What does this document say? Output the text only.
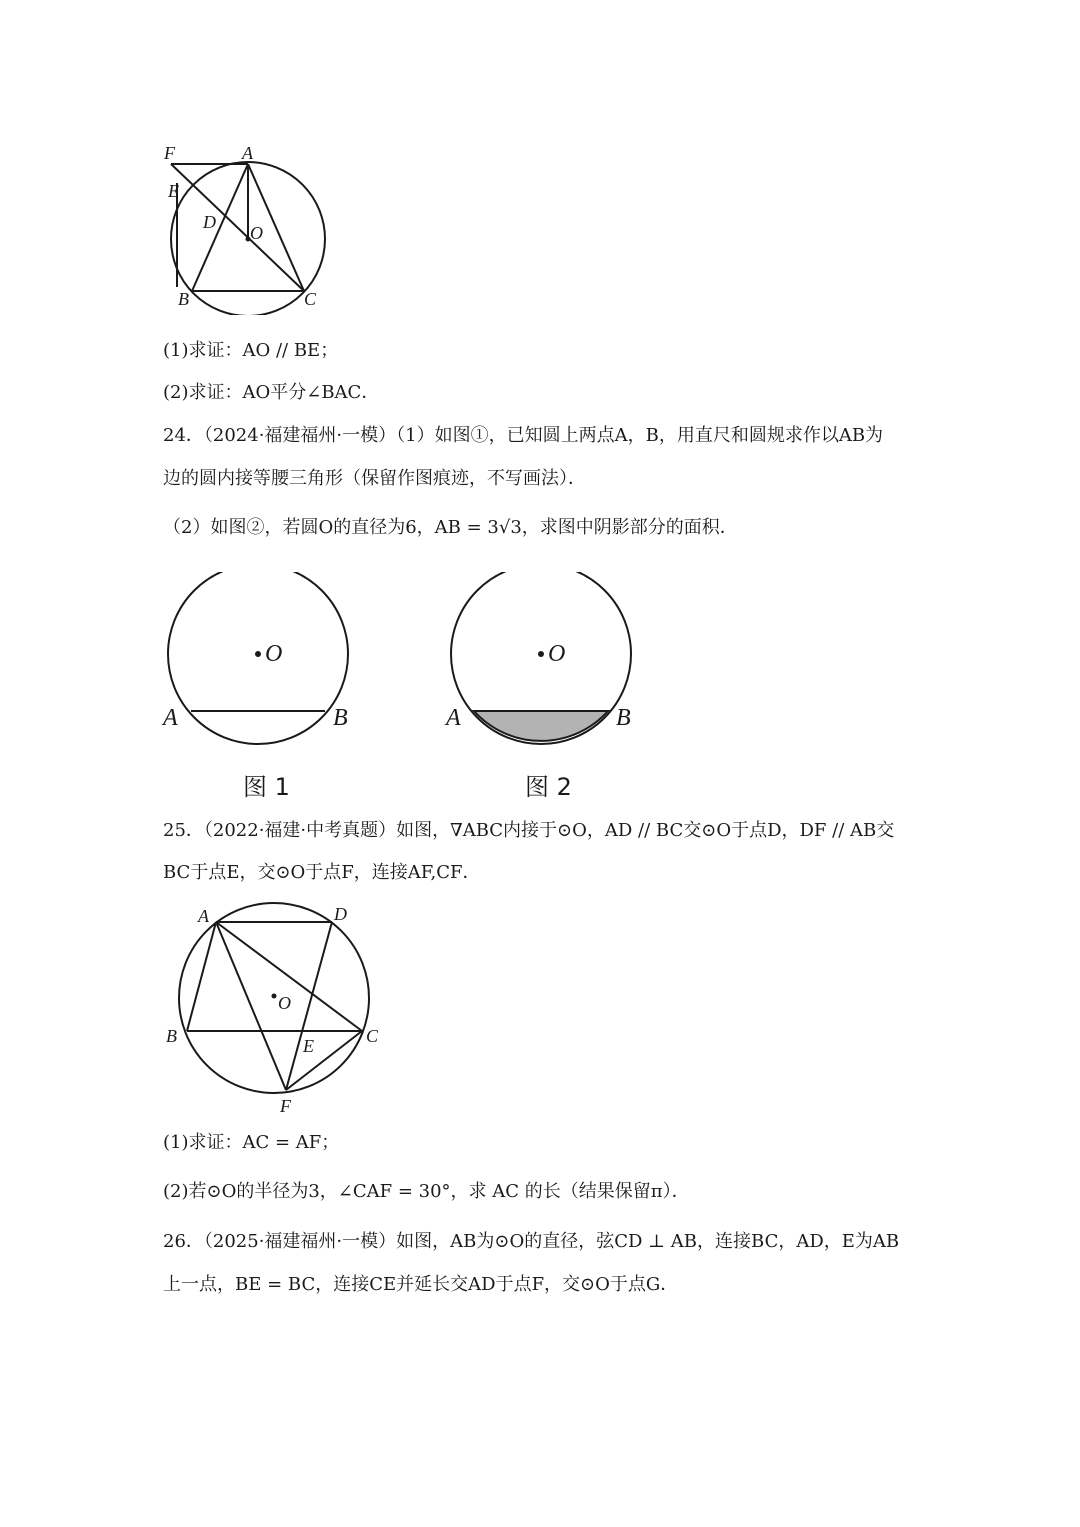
F	A
E
D
O
B	C
(1)求证：AO // BE；
(2)求证：AO平分∠BAC．
24．（2024·福建福州·一模）（1）如图①，已知圆上两点A，B，用直尺和圆规求作以AB为
边的圆内接等腰三角形（保留作图痕迹，不写画法）．
（2）如图②，若圆O的直径为6，AB = 3√3，求图中阴影部分的面积．
O
A	B
图 1
O
A	B
图 2
25．（2022·福建·中考真题）如图，∇ABC内接于⊙O，AD // BC交⊙O于点D，DF // AB交
BC于点E，交⊙O于点F，连接AF,CF．
A	D
O
B	C
E
F
(1)求证：AC = AF；
(2)若⊙O的半径为3，∠CAF = 30°，求 AC 的长（结果保留π）．
26．（2025·福建福州·一模）如图，AB为⊙O的直径，弦CD ⊥ AB，连接BC，AD，E为AB
上一点，BE = BC，连接CE并延长交AD于点F，交⊙O于点G．
